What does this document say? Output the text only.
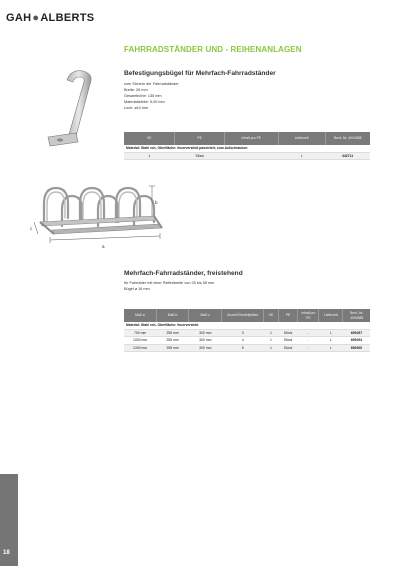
GAH●ALBERTS
FAHRRADSTÄNDER UND - REIHENANLAGEN
Befestigungsbügel für Mehrfach-Fahrradständer
zum Sichern der Fahrradständer
Breite: 26 mm
Gesamthöhe: 135 mm
Materialstärke: 5,00 mm
Loch: ⌀10 mm
VE	PE	Inhalt pro PE	Lieferzeit	Best.-Nr. 4004588
Material: Stahl roh, Oberfläche: feuerverzinkt passiviert, zum Aufschrauben				
1	Stück		L	442711
a
b
c
Mehrfach-Fahrradständer, freistehend
für Fahrräder mit einer Reifenbreite von 25 bis 55 mm
Bügel ⌀ 16 mm
Maß a	Maß b	Maß c	Anzahl Einstellplätze	VE	PE	Inhalt pro PE	Lieferzeit	Best.-Nr. 4004588
Material: Stahl roh, Oberfläche: feuerverzinkt								
700 mm	255 mm	300 mm	3	1	Stück	-	L	699287
1000 mm	255 mm	300 mm	4	1	Stück	-	L	699294
1300 mm	255 mm	300 mm	5	1	Stück	-	L	699300
18
